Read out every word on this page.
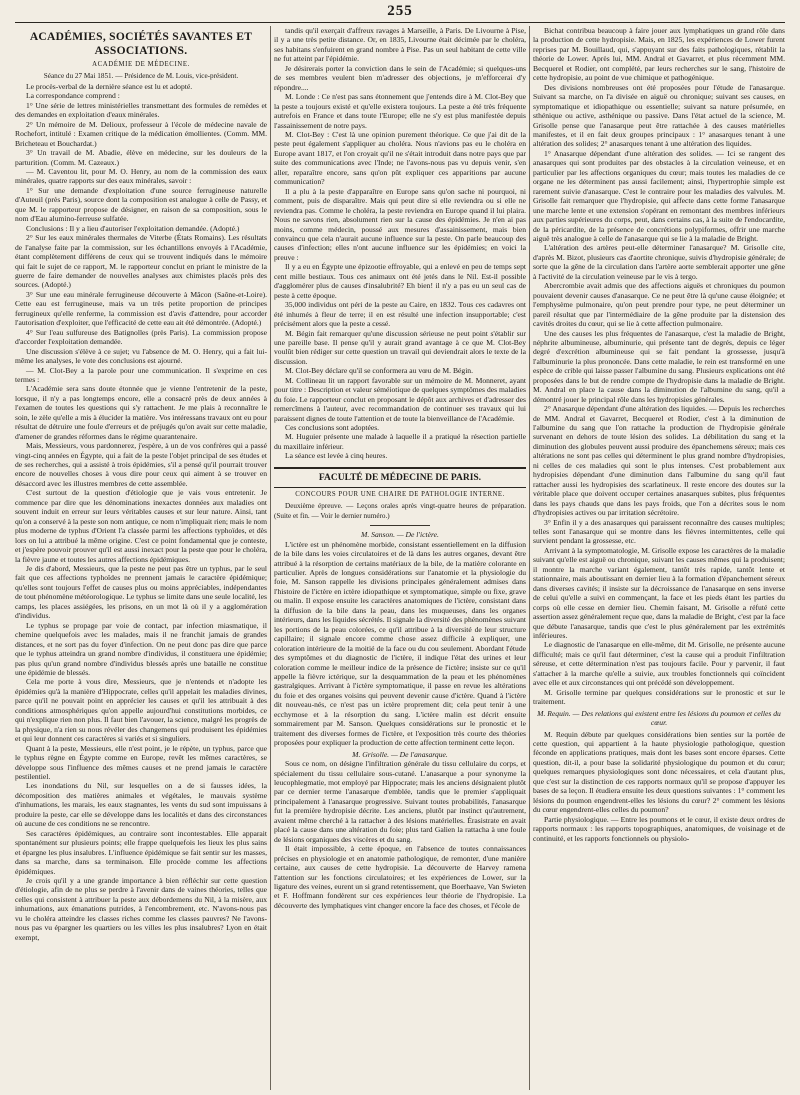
255
ACADÉMIES, SOCIÉTÉS SAVANTES ET ASSOCIATIONS.

ACADÉMIE DE MÉDECINE.

Séance du 27 Mai 1851. — Présidence de M. Louis, vice-président.

Le procès-verbal de la dernière séance est lu et adopté.

La correspondance comprend :

1° Une série de lettres ministérielles transmettant des formules de remèdes et des demandes en exploitation d'eaux minérales.

2° Un mémoire de M. Delioux, professeur à l'école de médecine navale de Rochefort, intitulé : Examen critique de la médication émollientes. (Comm. MM. Bricheteau et Bouchardat.)

3° Un travail de M. Abadie, élève en médecine, sur les douleurs de la parturition. (Comm. M. Cazeaux.)

— M. Caventou lit, pour M. O. Henry, au nom de la commission des eaux minérales, quatre rapports sur des eaux minérales, savoir :

1° Sur une demande d'exploitation d'une source ferrugineuse naturelle d'Auteuil (près Paris), source dont la composition est analogue à celle de Passy, et que M. le rapporteur propose de désigner, en raison de sa composition, sous le nom d'Eau alumino-ferreuse sulfatée.

Conclusions : Il y a lieu d'autoriser l'exploitation demandée. (Adopté.)

2° Sur les eaux minérales thermales de Viterbe (États Romains). Les résultats de l'analyse faite par la commission, sur les échantillons envoyés à l'Académie, étant complètement différens de ceux qui se trouvent indiqués dans le mémoire qui fait le sujet de ce rapport, M. le rapporteur conclut en priant le ministre de la guerre de faire demander de nouvelles analyses aux chimistes placés près des sources. (Adopté.)

3° Sur une eau minérale ferrugineuse découverte à Mâcon (Saône-et-Loire). Cette eau est ferrugineuse, mais va un très petite proportion de principes ferrugineux qu'elle renferme, la commission est d'avis d'attendre, pour accorder l'autorisation d'exploiter, que l'efficacité de cette eau ait été démontrée. (Adopté.)

4° Sur l'eau sulfureuse des Batignolles (près Paris). La commission propose d'accorder l'exploitation demandée.

Une discussion s'élève à ce sujet; vu l'absence de M. O. Henry, qui a fait lui-même les analyses, le vote des conclusions est ajourné.

— M. Clot-Bey a la parole pour une communication. Il s'exprime en ces termes :

L'Académie sera sans doute étonnée que je vienne l'entretenir de la peste, lorsque, il n'y a pas longtemps encore, elle a consacré près de deux années à l'examen de toutes les questions qui s'y rattachent. Je me plais à reconnaître le soin, le zèle qu'elle a mis à élucider la matière. Vos intéressans travaux ont eu pour résultat de détruire une foule d'erreurs et de préjugés qu'on avait sur cette maladie, d'amener de grandes réformes dans le régime quarantenaire.

Mais, Messieurs, vous pardonnerez, j'espère, à un de vos confrères qui a passé vingt-cinq années en Égypte, qui a fait de la peste l'objet principal de ses études et de ses recherches, qui a assisté à trois épidémies, s'il a pensé qu'il pourrait trouver encore de nouvelles choses à vous dire pour ceux qui aiment à se trouver en désaccord avec les illustres membres de cette assemblée.

C'est surtout de la question d'étiologie que je vais vous entretenir. Je commence par dire que les dénominations inexactes données aux maladies ont souvent induit en erreur sur leurs véritables causes et sur leur nature. Ainsi, tant qu'on a conservé à la peste son nom antique, ce nom n'impliquait rien; mais le nom plus moderne de typhus d'Orient l'a classée parmi les affections typhoïdes, et dès lors on lui a attribué la même origine. C'est ce point fondamental que je conteste, et j'espère pouvoir prouver qu'il est aussi inexact pour la peste que pour le choléra, la fièvre jaune et toutes les autres affections épidémiques.

Je dis d'abord, Messieurs, que la peste ne peut pas être un typhus, par le seul fait que ces affections typhoïdes ne prennent jamais le caractère épidémique; qu'elles sont toujours l'effet de causes plus ou moins appréciables, indépendantes de tout phénomène météorologique. Le typhus se limite dans une seule localité, les camps, les places assiégées, les prisons, en un mot là où il y a agglomération d'individus.

Le typhus se propage par voie de contact, par infection miasmatique, il chemine quelquefois avec les malades, mais il ne franchit jamais de grandes distances, et ne sort pas du foyer d'infection. On ne peut donc pas dire que parce que le typhus atteindra un grand nombre d'individus, il constituera une épidémie; pas plus qu'un grand nombre d'individus blessés après une bataille ne constitue une épidémie de blessés.

Cela me porte à vous dire, Messieurs, que je n'entends et n'adopte les épidémies qu'à la manière d'Hippocrate, celles qu'il appelait les maladies divines, parce qu'il ne pouvait point en apprécier les causes et qu'il les attribuait à des conditions atmosphériques qu'on appelle aujourd'hui constitutions morbides, ce qui n'explique rien non plus. Il faut bien l'avouer, la science, malgré les progrès de la physique, n'a rien su nous révéler des changemens qui produisent les épidémies et qui leur donnent ces caractères si variés et si singuliers.

Quant à la peste, Messieurs, elle n'est point, je le répète, un typhus, parce que le typhus règne en Égypte comme en Europe, revêt les mêmes caractères, se développe sous l'influence des mêmes causes et ne prend jamais le caractère pestilentiel.

Les inondations du Nil, sur lesquelles on a de si fausses idées, la décomposition des matières animales et végétales, le mauvais système d'inhumations, les marais, les eaux stagnantes, les vents du sud sont impuissans à produire la peste, car elle se développe dans les localités et dans des circonstances où aucune de ces conditions ne se rencontre.

Ses caractères épidémiques, au contraire sont incontestables. Elle apparait spontanément sur plusieurs points; elle frappe quelquefois les lieux les plus sains et épargne les plus insalubres. L'influence épidémique se fait sentir sur les masses, dans sa marche, dans sa terminaison. Elle procède comme les affections épidémiques.

Je crois qu'il y a une grande importance à bien réfléchir sur cette question d'étiologie, afin de ne plus se perdre à l'avenir dans de vaines théories, telles que celles qui consistent à attribuer la peste aux débordemens du Nil, à la misère, aux inhumations, aux émanations putrides, à l'encombrement, etc. N'avons-nous pas vu le choléra atteindre les classes riches comme les classes pauvres? Ne l'avons-nous pas vu épargner les quartiers ou les villes les plus insalubres? Lyon en était exempt,

tandis qu'il exerçait d'affreux ravages à Marseille, à Paris. De Livourne à Pise, il y a une très petite distance. Or, en 1835, Livourne était décimée par le choléra, ses habitans s'enfuirent en grand nombre à Pise. Pas un seul habitant de cette ville ne fut atteint par l'épidémie.

Je désirerais porter la conviction dans le sein de l'Académie; si quelques-uns de ses membres veulent bien m'adresser des objections, je m'efforcerai d'y répondre....

M. Londe : Ce n'est pas sans étonnement que j'entends dire à M. Clot-Bey que la peste a toujours existé et qu'elle existera toujours. La peste a été très fréquente autrefois en France et dans toute l'Europe; elle ne s'y est plus manifestée depuis l'assainissement de notre pays.

M. Clot-Bey : C'est là une opinion purement théorique. Ce que j'ai dit de la peste peut également s'appliquer au choléra. Nous n'avions pas eu le choléra en Europe avant 1817, et l'on croyait qu'il ne s'était introduit dans notre pays que par suite des communications avec l'Inde; ne l'avons-nous pas vu depuis venir, s'en aller, reparaître encore, sans qu'on pût expliquer ces apparitions par aucune communication?

Il a plu à la peste d'apparaître en Europe sans qu'on sache ni pourquoi, ni comment, puis de disparaître. Mais qui peut dire si elle reviendra ou si elle ne reviendra pas. Comme le choléra, la peste reviendra en Europe quand il lui plaira. Nous ne savons rien, absolument rien sur la cause des épidémies. Je n'en ai pas moins, comme médecin, poussé aux mesures d'assainissement, mais bien convaincu que cela n'aurait aucune influence sur la peste. On parle beaucoup des causes d'infection; elles n'ont aucune influence sur les épidémies; en voici la preuve :

Il y a eu en Égypte une épizootie effroyable, qui a enlevé en peu de temps sept cent mille bestiaux. Tous ces animaux ont été jetés dans le Nil. Est-il possible d'agglomérer plus de causes d'insalubrité? Eh bien! il n'y a pas eu un seul cas de peste à cette époque.

35,000 individus ont péri de la peste au Caire, en 1832. Tous ces cadavres ont été inhumés à fleur de terre; il en est résulté une infection insupportable; c'est précisément alors que la peste a cessé.

M. Bégin fait remarquer qu'une discussion sérieuse ne peut point s'établir sur une pareille base. Il pense qu'il y aurait grand avantage à ce que M. Clot-Bey voulût bien rédiger sur cette question un travail qui deviendrait alors le texte de la discussion.

M. Clot-Bey déclare qu'il se conformera au vœu de M. Bégin.

M. Collineau lit un rapport favorable sur un mémoire de M. Monneret, ayant pour titre : Description et valeur séméiotique de quelques symptômes des maladies du foie. Le rapporteur conclut en proposant le dépôt aux archives et d'adresser des remercîmens à l'auteur, avec recommandation de continuer ses travaux qui lui paraissent dignes de toute l'attention et de toute la bienveillance de l'Académie.

Ces conclusions sont adoptées.

M. Huguier présente une malade à laquelle il a pratiqué la résection partielle du maxillaire inférieur.

La séance est levée à cinq heures.

FACULTÉ DE MÉDECINE DE PARIS.
CONCOURS POUR UNE CHAIRE DE PATHOLOGIE INTERNE.

Deuxième épreuve. — Leçons orales après vingt-quatre heures de préparation. (Suite et fin. — Voir le dernier numéro.)

M. Sanson. — De l'ictère.

L'ictère est un phénomène morbide, consistant essentiellement en la diffusion de la bile dans les voies circulatoires et de là dans les autres organes, devant être attribué à la résorption de certains matériaux de la bile, de la matière colorante en particulier. Après de longues considérations sur l'anatomie et la physiologie du foie, M. Sanson rappelle les divisions principales généralement admises dans l'histoire de l'ictère en ictère idiopathique et symptomatique, simple ou fixe, grave ou malin. Il expose ensuite les caractères anatomiques de l'ictère, consistant dans la diffusion de la bile dans la peau, dans les muqueuses, dans les organes intérieurs, dans les liquides sécrétés. Il signale la diversité des phénomènes suivant les portions de la peau colorées, ce qu'il attribue à la diversité de leur structure capillaire; il signale encore comme chose assez difficile à expliquer, une coloration intérieure de la moitié de la face ou du cou seulement. Abordant l'étude des symptômes et du diagnostic de l'ictère, il indique l'état des urines et leur coloration comme le meilleur indice de la présence de l'ictère; insiste sur ce qu'il appelle la fièvre ictérique, sur la desquammation de la peau et les phénomènes gastralgiques. Arrivant à l'ictère symptomatique, il passe en revue les altérations du foie et des organes voisins qui peuvent devenir cause d'ictère. Quand à l'ictère dit nouveau-nés, ce n'est pas un ictère proprement dit; cela peut tenir à une ecchymose et à la résorption du sang. L'ictère malin est décrit ensuite sommairement par M. Sanson. Quelques considérations sur le pronostic et le traitement des diverses formes de l'ictère, et l'exposition très courte des théories proposées pour expliquer la production de cette affection terminent cette leçon.

M. Grisolle. — De l'anasarque.

Sous ce nom, on désigne l'infiltration générale du tissu cellulaire du corps, et spécialement du tissu cellulaire sous-cutané. L'anasarque a pour synonyme la leucophlegmatie, mot employé par Hippocrate; mais les anciens désignaient plutôt par ce dernier terme l'anasarque d'emblée, tandis que le premier s'appliquait principalement à l'anasarque progressive. Suivant toutes probabilités, l'anasarque fut la première hydropisie décrite. Les anciens, plutôt par instinct qu'autrement, avaient même cherché à la rattacher à des lésions matérielles. Érasistrate en avait placé la cause dans une altération du foie; plus tard Galien la rattacha à une foule de lésions organiques des viscères et du sang.

Il était impossible, à cette époque, en l'absence de toutes connaissances précises en physiologie et en anatomie pathologique, de remonter, d'une manière certaine, aux causes de cette hydropisie. La découverte de Harvey ramena l'attention sur les fonctions circulatoires; et les expériences de Lower, sur la ligature des veines, eurent un si grand retentissement, que Boerhaave, Van Swieten et F. Hoffmann fondèrent sur ces expériences leur théorie de l'hydropisie. La découverte des lymphatiques vint changer encore la face des choses, et l'école de

Bichat contribua beaucoup à faire jouer aux lymphatiques un grand rôle dans la production de cette hydropisie. Mais, en 1825, les expériences de Lower furent reprises par M. Bouillaud, qui, s'appuyant sur des faits pathologiques, rétablit la théorie de Lower. Après lui, MM. Andral et Gavarret, et plus récemment MM. Becquerel et Rodier, ont complété, par leurs recherches sur le sang, l'histoire de cette hydropisie, au point de vue chimique et pathogénique.

Des divisions nombreuses ont été proposées pour l'étude de l'anasarque. Suivant sa marche, on l'a divisée en aiguë ou chronique; suivant ses causes, en symptomatique et idiopathique ou essentielle; suivant sa nature présumée, en sthénique ou active, asthénique ou passive. Dans l'état actuel de la science, M. Grisolle pense que l'anasarque peut être rattachée à des causes matérielles manifestes, et il en fait deux groupes principaux : 1° anasarques tenant à une altération des solides; 2° anasarques tenant à une altération des liquides.

1° Anasarque dépendant d'une altération des solides. — Ici se rangent des anasarques qui sont produites par des obstacles à la circulation veineuse, et en particulier par les affections organiques du cœur; mais toutes les maladies de ce organe ne les déterminent pas aussi facilement; ainsi, l'hypertrophie simple est rarement suivie d'anasarque. C'est le contraire pour les maladies des valvules. M. Grisolle fait remarquer que l'hydropisie, qui affecte dans cette forme l'anasarque une marche lente et une extension s'opérant en remontant des membres inférieurs aux parties supérieures du corps, peut, dans certains cas, à la suite de l'endocardite, de la péricardite, de la présence de concrétions polypiformes, offrir une marche aiguë très analogue à celle de l'anasarque qui se lie à la maladie de Bright.

L'altération des artères peut-elle déterminer l'anasarque? M. Grisolle cite, d'après M. Bizot, plusieurs cas d'aortite chronique, suivis d'hydropisie générale; de sorte que la gêne de la circulation dans l'artère aorte semblerait apporter une gêne à l'activité de la circulation veineuse par le vis à tergo.

Abercrombie avait admis que des affections aiguës et chroniques du poumon pouvaient devenir causes d'anasarque. Ce ne peut être là qu'une cause éloignée; et l'emphysème pulmonaire, qu'on peut prendre pour type, ne peut déterminer un pareil résultat que par l'intermédiaire de la gêne produite par la distension des cavités droites du cœur, qui se lie à cette affection pulmonaire.

Une des causes les plus fréquentes de l'anasarque, c'est la maladie de Bright, néphrite albumineuse, albuminurie, qui présente tant de degrés, depuis ce léger degré d'excrétion albumineuse qui se fait pendant la grossesse, jusqu'à l'albuminurie la plus prononcée. Dans cette maladie, le rein est transformé en une espèce de crible qui laisse passer l'albumine du sang. Plusieurs explications ont été proposées dans le but de rendre compte de l'hydropisie dans la maladie de Bright. M. Andral en place la cause dans la diminution de l'albumine du sang, qu'il a démontré jouer le principal rôle dans les hydropisies générales.

2° Anasarque dépendant d'une altération des liquides. — Depuis les recherches de MM. Andral et Gavarret, Becquerel et Rodier, c'est à la diminution de l'albumine du sang que l'on rattache la production de l'hydropisie générale survenant en dehors de toute lésion des solides. La débilitation du sang et la diminution des globules peuvent aussi produire des épanchemens séreux; mais ces altérations ne sont pas celles qui déterminent le plus grand nombre d'hydropisies, ni celles de ces maladies qui sont le plus intenses. C'est probablement aux hydropisies dépendant d'une diminution dans l'albumine du sang qu'il faut rattacher aussi les hydropisies des scarlatineux. Il reste encore des doutes sur la véritable place que doivent occuper certaines anasarques subites, plus fréquentes dans les pays chauds que dans les pays froids, que l'on a décrites sous le nom d'hydropisies actives ou par irritation sécrétoire.

3° Enfin il y a des anasarques qui paraissent reconnaître des causes multiples; telles sont l'anasarque qui se montre dans les fièvres intermittentes, celle qui survient pendant la grossesse, etc.

Arrivant à la symptomatologie, M. Grisolle expose les caractères de la maladie suivant qu'elle est aiguë ou chronique, suivant les causes mêmes qui la produisent; il montre la marche variant également, tantôt très rapide, tantôt lente et stationnaire, mais aboutissant en dernier lieu à la formation d'épanchement séreux dans diverses cavités; il insiste sur la décroissance de l'anasarque en sens inverse de celui qu'elle a suivi en commençant, la face et les pieds étant les parties du corps où elle cesse en dernier lieu. Chemin faisant, M. Grisolle a réfuté cette assertion assez généralement reçue que, dans la maladie de Bright, c'est par la face que débute l'anasarque, tandis que c'est le plus généralement par les extrémités inférieures.

Le diagnostic de l'anasarque en elle-même, dit M. Grisolle, ne présente aucune difficulté; mais ce qu'il faut déterminer, c'est la cause qui a produit l'infiltration séreuse, et cette détermination n'est pas toujours facile. Pour y parvenir, il faut s'attacher à la marche qu'elle a suivie, aux troubles fonctionnels qui coïncident avec elle et aux circonstances qui ont précédé son développement.

M. Grisolle termine par quelques considérations sur le pronostic et sur le traitement.

M. Requin. — Des relations qui existent entre les lésions du poumon et celles du cœur.

M. Requin débute par quelques considérations bien senties sur la portée de cette question, qui appartient à la haute physiologie pathologique, question féconde en applications pratiques, mais dont les bases sont encore éparses. Cette question, dit-il, a pour base la solidarité physiologique du poumon et du cœur; quelques remarques physiologiques sont donc nécessaires, et cela d'autant plus, que c'est sur la distinction de ces rapports normaux qu'il se propose d'appuyer les bases de sa leçon. Il étudiera ensuite les deux questions suivantes : 1° comment les lésions du poumon engendrent-elles les lésions du cœur? 2° comment les lésions du cœur engendrent-elles celles du poumon?

Partie physiologique. — Entre les poumons et le cœur, il existe deux ordres de rapports normaux : les rapports topographiques, anatomiques, de voisinage et de continuité, et les rapports fonctionnels ou physiolo-
